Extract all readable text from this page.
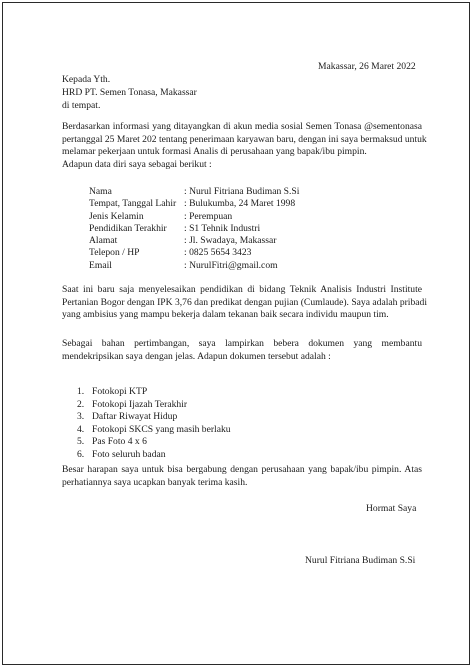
Makassar, 26 Maret 2022
Kepada Yth.
HRD PT. Semen Tonasa, Makassar
di tempat.
Berdasarkan informasi yang ditayangkan di akun media sosial Semen Tonasa @sementonasa
pertanggal 25 Maret 202 tentang penerimaan karyawan baru, dengan ini saya bermaksud untuk
melamar pekerjaan untuk formasi Analis di perusahaan yang bapak/ibu pimpin.
Adapun data diri saya sebagai berikut :
Nama	: Nurul Fitriana Budiman S.Si
Tempat, Tanggal Lahir : Bulukumba, 24 Maret 1998
Jenis Kelamin	: Perempuan
Pendidikan Terakhir	: S1 Tehnik Industri
Alamat	: Jl. Swadaya, Makassar
Telepon / HP	: 0825 5654 3423
Email	: NurulFitri@gmail.com
Saat ini baru saja menyelesaikan pendidikan di bidang Teknik Analisis Industri Institute
Pertanian Bogor dengan IPK 3,76 dan predikat dengan pujian (Cumlaude). Saya adalah pribadi
yang ambisius yang mampu bekerja dalam tekanan baik secara individu maupun tim.
Sebagai bahan pertimbangan, saya lampirkan bebera dokumen yang membantu
mendekripsikan saya dengan jelas. Adapun dokumen tersebut adalah :
1. Fotokopi KTP
2. Fotokopi Ijazah Terakhir
3. Daftar Riwayat Hidup
4. Fotokopi SKCS yang masih berlaku
5. Pas Foto 4 x 6
6. Foto seluruh badan
Besar harapan saya untuk bisa bergabung dengan perusahaan yang bapak/ibu pimpin. Atas
perhatiannya saya ucapkan banyak terima kasih.
Hormat Saya
Nurul Fitriana Budiman S.Si
